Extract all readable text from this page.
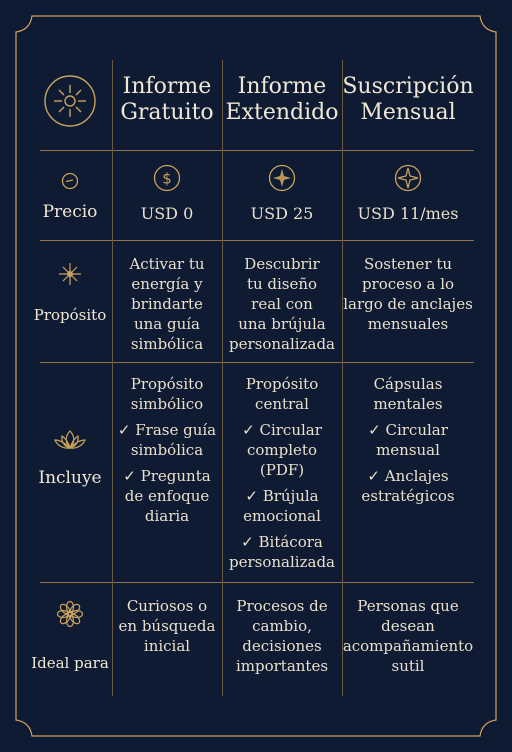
Informe
Gratuito
Informe
Extendido
Suscripción
Mensual
Precio
$
USD 0	USD 25	USD 11/mes
Propósito
Activar tu
energía y
brindarte
una guía
simbólica
Descubrir
tu diseño
real con
una brújula
personalizada
Sostener tu
proceso a lo
largo de anclajes
mensuales
Incluye
Propósito
simbólico
✓ Frase guía
simbólica
✓ Pregunta
de enfoque
diaria
Propósito
central
✓ Circular
completo
(PDF)
✓ Brújula
emocional
✓ Bitácora
personalizada
Cápsulas
mentales
✓ Circular
mensual
✓ Anclajes
estratégicos
Ideal para
Curiosos o
en búsqueda
inicial
Procesos de
cambio,
decisiones
importantes
Personas que
desean
acompañamiento
sutil
